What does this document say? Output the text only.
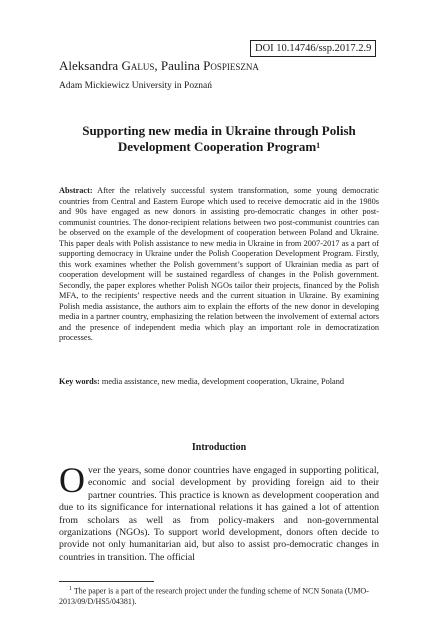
DOI 10.14746/ssp.2017.2.9
Aleksandra Galus, Paulina Pospieszna
Adam Mickiewicz University in Poznań
Supporting new media in Ukraine through Polish Development Cooperation Program$^1$
Abstract: After the relatively successful system transformation, some young democratic countries from Central and Eastern Europe which used to receive democratic aid in the 1980s and 90s have engaged as new donors in assisting pro-democratic changes in other post-communist countries. The donor-recipient relations between two post-communist countries can be observed on the example of the development of cooperation between Poland and Ukraine. This paper deals with Polish assistance to new media in Ukraine in from 2007-2017 as a part of supporting democracy in Ukraine under the Polish Cooperation Development Program. Firstly, this work examines whether the Polish government’s support of Ukrainian media as part of cooperation development will be sustained regardless of changes in the Polish government. Secondly, the paper explores whether Polish NGOs tailor their projects, financed by the Polish MFA, to the recipients’ respective needs and the current situation in Ukraine. By examining Polish media assistance, the authors aim to explain the efforts of the new donor in developing media in a partner country, emphasizing the relation between the involvement of external actors and the presence of independent media which play an important role in democratization processes.
Key words: media assistance, new media, development cooperation, Ukraine, Poland
Introduction
Over the years, some donor countries have engaged in supporting political, economic and social development by providing foreign aid to their partner countries. This practice is known as development cooperation and due to its significance for international relations it has gained a lot of attention from scholars as well as from policy-makers and non-governmental organizations (NGOs). To support world development, donors often decide to provide not only humanitarian aid, but also to assist pro-democratic changes in countries in transition. The official
$^1$ The paper is a part of the research project under the funding scheme of NCN Sonata (UMO-2013/09/D/HS5/04381).
